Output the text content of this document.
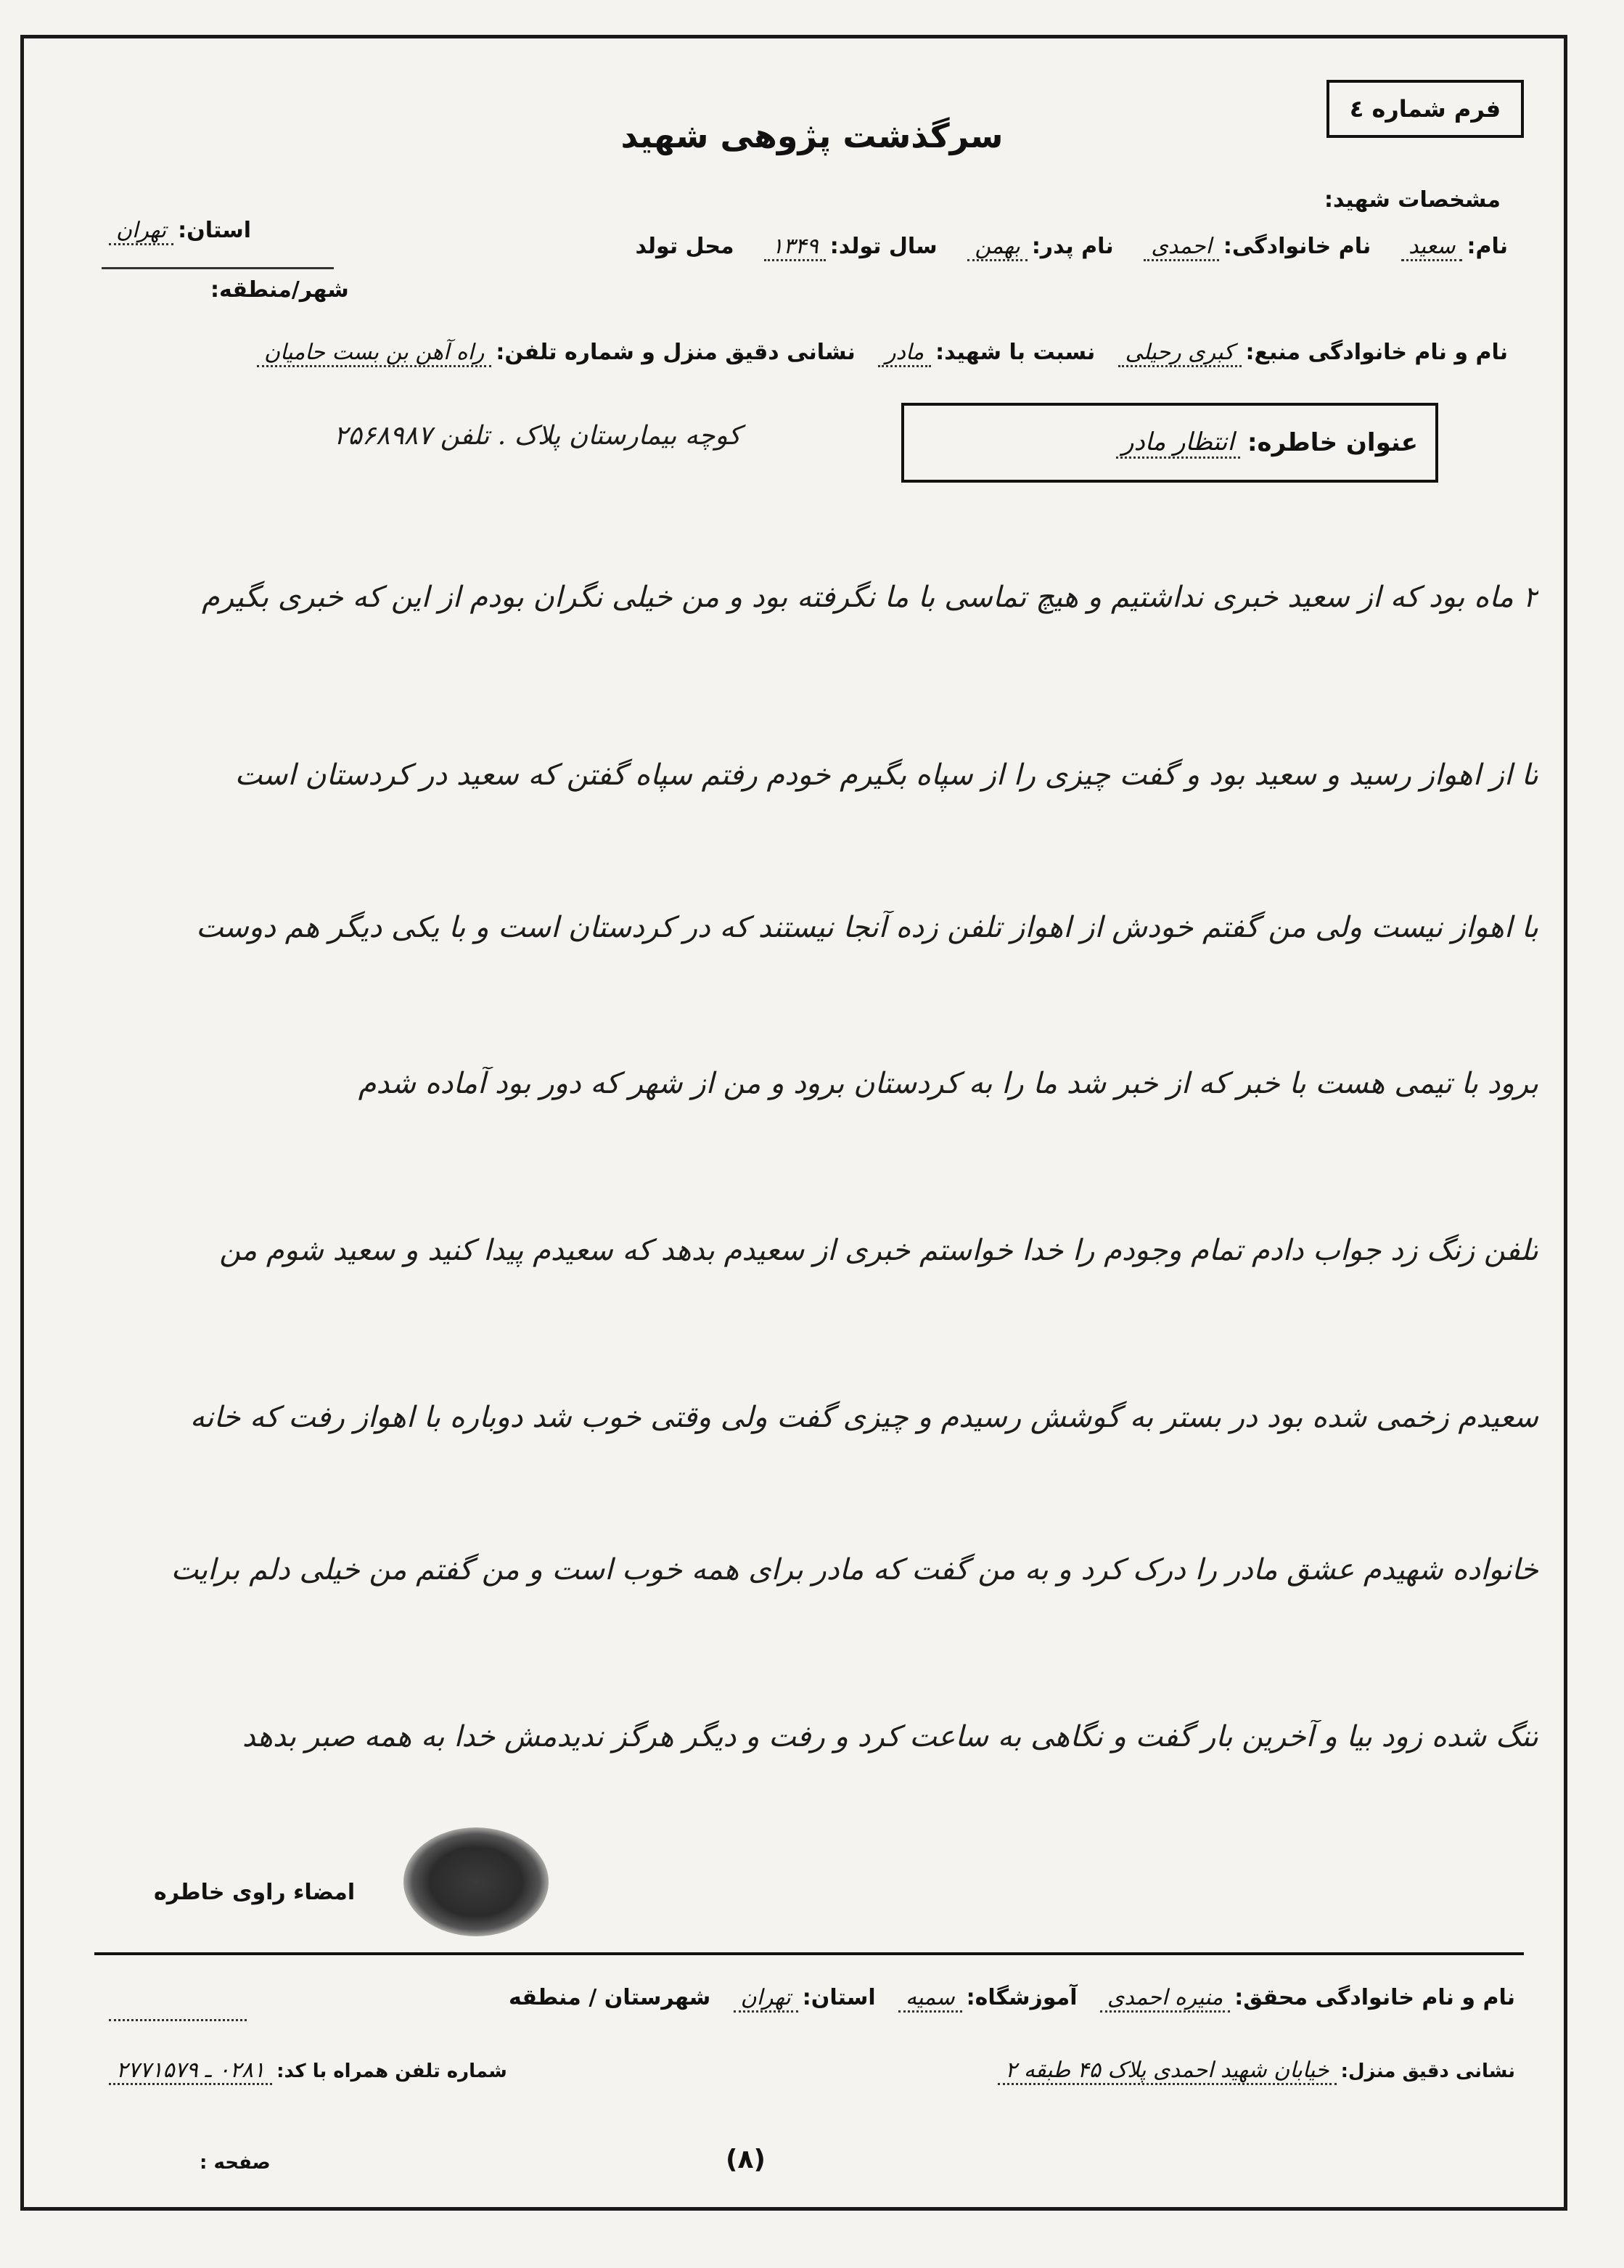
فرم شماره ٤
سرگذشت پژوهی شهید
مشخصات شهید:
نام:
سعید

نام خانوادگی:
احمدی

نام پدر:
بهمن

سال تولد:
۱۳۴۹
محل تولد
استان:
تهران
شهر/منطقه:
نام و نام خانوادگی منبع:
کبری رحیلی

نسبت با شهید:
مادر

نشانی دقیق منزل و شماره تلفن:
راه آهن بن بست حامیان
کوچه بیمارستان پلاک . تلفن ۲۵۶۸۹۸۷	عنوان خاطره:
انتظار مادر
۲ ماه بود که از سعید خبری نداشتیم و هیچ تماسی با ما نگرفته بود و من خیلی نگران بودم از این که خبری بگیرم
تا از اهواز رسید و سعید بود و گفت چیزی را از سپاه بگیرم خودم رفتم سپاه گفتن که سعید در کردستان است
با اهواز نیست ولی من گفتم خودش از اهواز تلفن زده آنجا نیستند که در کردستان است و با یکی دیگر هم دوست
برود با تیمی هست با خبر که از خبر شد ما را به کردستان برود و من از شهر که دور بود آماده شدم
تلفن زنگ زد جواب دادم تمام وجودم را خدا خواستم خبری از سعیدم بدهد که سعیدم پیدا کنید و سعید شوم من
سعیدم زخمی شده بود در بستر به گوشش رسیدم و چیزی گفت ولی وقتی خوب شد دوباره با اهواز رفت که خانه
خانواده شهیدم عشق مادر را درک کرد و به من گفت که مادر برای همه خوب است و من گفتم من خیلی دلم برایت
تنگ شده زود بیا و آخرین بار گفت و نگاهی به ساعت کرد و رفت و دیگر هرگز ندیدمش خدا به همه صبر بدهد
امضاء راوی خاطره
نام و نام خانوادگی محقق:
منیره احمدی

آموزشگاه:
سمیه

استان:
تهران
شهرستان / منطقه
نشانی دقیق منزل:
خیابان شهید احمدی پلاک ۴۵ طبقه ۲
شماره تلفن همراه با کد:
۰۲۸۱ ـ ۲۷۷۱۵۷۹
(۸)
صفحه :
